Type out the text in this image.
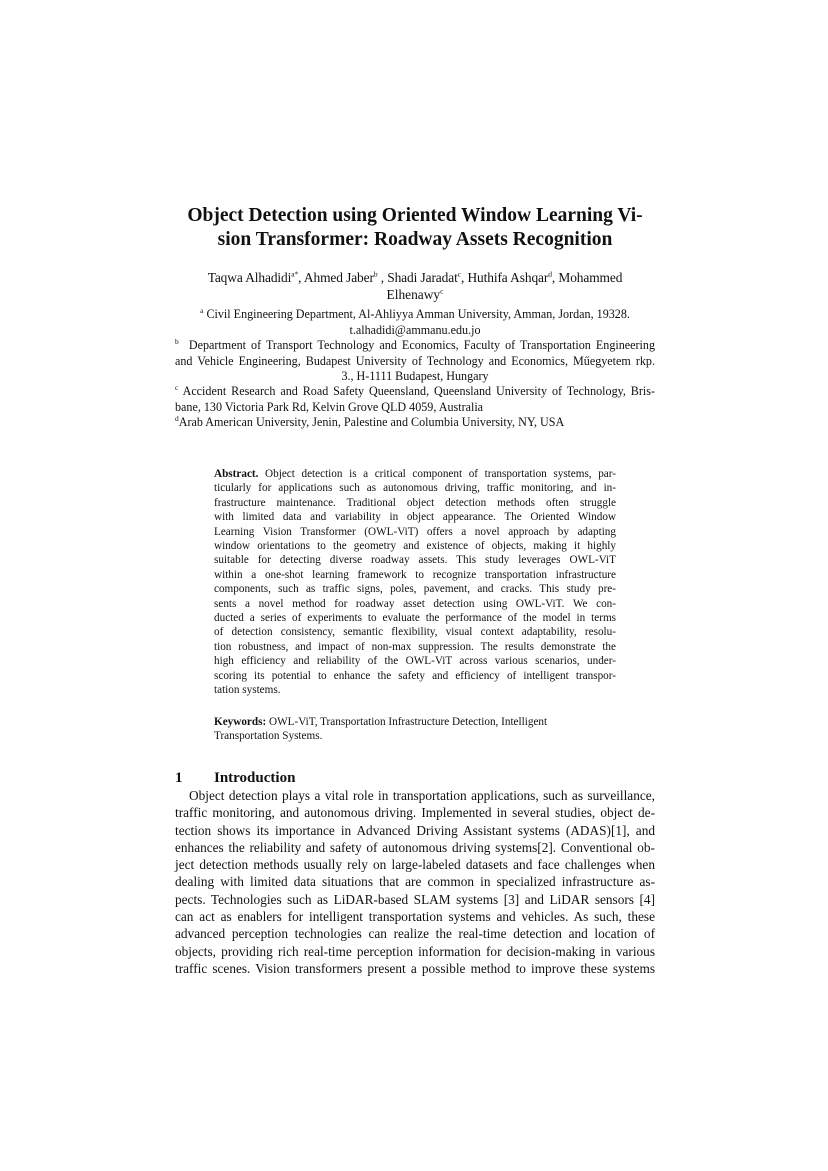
Object Detection using Oriented Window Learning Vi-
sion Transformer: Roadway Assets Recognition
Taqwa Alhadidi$^{a*}$, Ahmed Jaber$^b$ , Shadi Jaradat$^c$, Huthifa Ashqar$^d$, Mohammed
Elhenawy$^c$
$^a$ Civil Engineering Department, Al-Ahliyya Amman University, Amman, Jordan, 19328.
t.alhadidi@ammanu.edu.jo
$^b$ Department of Transport Technology and Economics, Faculty of Transportation Engineering
and Vehicle Engineering, Budapest University of Technology and Economics, Műegyetem rkp.
3., H-1111 Budapest, Hungary
$^c$ Accident Research and Road Safety Queensland, Queensland University of Technology, Bris-
bane, 130 Victoria Park Rd, Kelvin Grove QLD 4059, Australia
$^d$Arab American University, Jenin, Palestine and Columbia University, NY, USA
Abstract. Object detection is a critical component of transportation systems, par-
ticularly for applications such as autonomous driving, traffic monitoring, and in-
frastructure maintenance. Traditional object detection methods often struggle
with limited data and variability in object appearance. The Oriented Window
Learning Vision Transformer (OWL-ViT) offers a novel approach by adapting
window orientations to the geometry and existence of objects, making it highly
suitable for detecting diverse roadway assets. This study leverages OWL-ViT
within a one-shot learning framework to recognize transportation infrastructure
components, such as traffic signs, poles, pavement, and cracks. This study pre-
sents a novel method for roadway asset detection using OWL-ViT. We con-
ducted a series of experiments to evaluate the performance of the model in terms
of detection consistency, semantic flexibility, visual context adaptability, resolu-
tion robustness, and impact of non-max suppression. The results demonstrate the
high efficiency and reliability of the OWL-ViT across various scenarios, under-
scoring its potential to enhance the safety and efficiency of intelligent transpor-
tation systems.
Keywords: OWL-ViT, Transportation Infrastructure Detection, Intelligent
Transportation Systems.
1 Introduction
Object detection plays a vital role in transportation applications, such as surveillance,
traffic monitoring, and autonomous driving. Implemented in several studies, object de-
tection shows its importance in Advanced Driving Assistant systems (ADAS)[1], and
enhances the reliability and safety of autonomous driving systems[2]. Conventional ob-
ject detection methods usually rely on large-labeled datasets and face challenges when
dealing with limited data situations that are common in specialized infrastructure as-
pects. Technologies such as LiDAR-based SLAM systems [3] and LiDAR sensors [4]
can act as enablers for intelligent transportation systems and vehicles. As such, these
advanced perception technologies can realize the real-time detection and location of
objects, providing rich real-time perception information for decision-making in various
traffic scenes. Vision transformers present a possible method to improve these systems
